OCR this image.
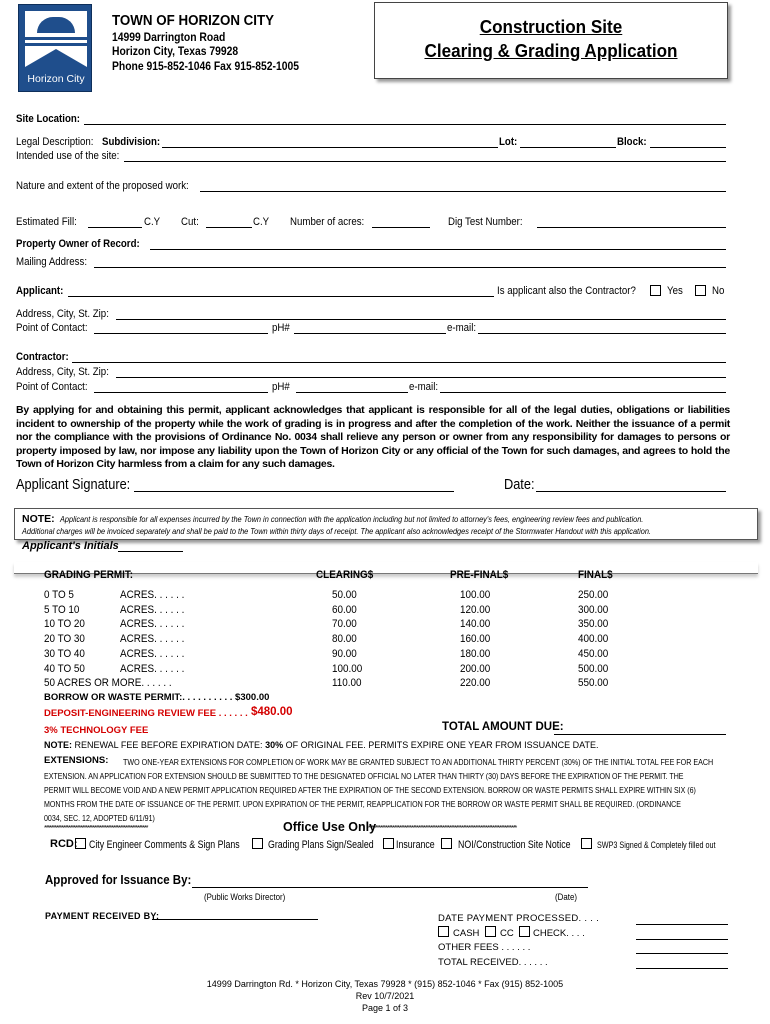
Horizon City
TOWN OF HORIZON CITY
14999 Darrington Road
Horizon City, Texas 79928
Phone 915-852-1046 Fax 915-852-1005
Construction Site
Clearing & Grading Application
Site Location:
Legal Description: Subdivision:	Lot:	Block:
Intended use of the site:
Nature and extent of the proposed work:
Estimated Fill:	C.Y Cut:	C.Y Number of acres:	Dig Test Number:
Property Owner of Record:
Mailing Address:
Applicant:	Is applicant also the Contractor?	Yes	No
Address, City, St. Zip:
Point of Contact:	pH#	e-mail:
Contractor:
Address, City, St. Zip:
Point of Contact:	pH#	e-mail:
By applying for and obtaining this permit, applicant acknowledges that applicant is responsible for all of the legal duties, obligations or liabilities incident to ownership of the property while the work of grading is in progress and after the completion of the work. Neither the issuance of a permit nor the compliance with the provisions of Ordinance No. 0034 shall relieve any person or owner from any responsibility for damages to persons or property imposed by law, nor impose any liability upon the Town of Horizon City or any official of the Town for such damages, and agrees to hold the Town of Horizon City harmless from a claim for any such damages.
Applicant Signature:	Date:
NOTE: Applicant is responsible for all expenses incurred by the Town in connection with the application including but not limited to attorney's fees, engineering review fees and publication.
Additional charges will be invoiced separately and shall be paid to the Town within thirty days of receipt. The applicant also acknowledges receipt of the Stormwater Handout with this application.
Applicant's Initials
GRADING PERMIT:	CLEARING$	PRE-FINAL$	FINAL$
0 TO 5	ACRES. . . . . .	50.00	100.00	250.00
5 TO 10	ACRES. . . . . .	60.00	120.00	300.00
10 TO 20	ACRES. . . . . .	70.00	140.00	350.00
20 TO 30	ACRES. . . . . .	80.00	160.00	400.00
30 TO 40	ACRES. . . . . .	90.00	180.00	450.00
40 TO 50	ACRES. . . . . .	100.00	200.00	500.00
50 ACRES OR MORE. . . . . .	110.00	220.00	550.00
BORROW OR WASTE PERMIT:. . . . . . . . . . $300.00
DEPOSIT-ENGINEERING REVIEW FEE . . . . . . $480.00
3% TECHNOLOGY FEE	TOTAL AMOUNT DUE:
NOTE: RENEWAL FEE BEFORE EXPIRATION DATE: 30% OF ORIGINAL FEE. PERMITS EXPIRE ONE YEAR FROM ISSUANCE DATE.
EXTENSIONS: TWO ONE-YEAR EXTENSIONS FOR COMPLETION OF WORK MAY BE GRANTED SUBJECT TO AN ADDITIONAL THIRTY PERCENT (30%) OF THE INITIAL TOTAL FEE FOR EACH
EXTENSION. AN APPLICATION FOR EXTENSION SHOULD BE SUBMITTED TO THE DESIGNATED OFFICIAL NO LATER THAN THIRTY (30) DAYS BEFORE THE EXPIRATION OF THE PERMIT. THE
PERMIT WILL BECOME VOID AND A NEW PERMIT APPLICATION REQUIRED AFTER THE EXPIRATION OF THE SECOND EXTENSION. BORROW OR WASTE PERMITS SHALL EXPIRE WITHIN SIX (6)
MONTHS FROM THE DATE OF ISSUANCE OF THE PERMIT. UPON EXPIRATION OF THE PERMIT, REAPPLICATION FOR THE BORROW OR WASTE PERMIT SHALL BE REQUIRED. (ORDINANCE
0034, SEC. 12, ADOPTED 6/11/91)
************************************************************	Office Use Only
**************************************************************************************
RCD: City Engineer Comments & Sign Plans	Grading Plans Sign/Sealed Insurance NOI/Construction Site Notice	SWP3 Signed & Completely filled out
Approved for Issuance By:
(Public Works Director)	(Date)
PAYMENT RECEIVED BY:	DATE PAYMENT PROCESSED. . . .
CASH CC CHECK. . . .
OTHER FEES . . . . . .
TOTAL RECEIVED. . . . . .
14999 Darrington Rd. * Horizon City, Texas 79928 * (915) 852-1046 * Fax (915) 852-1005
Rev 10/7/2021
Page 1 of 3
